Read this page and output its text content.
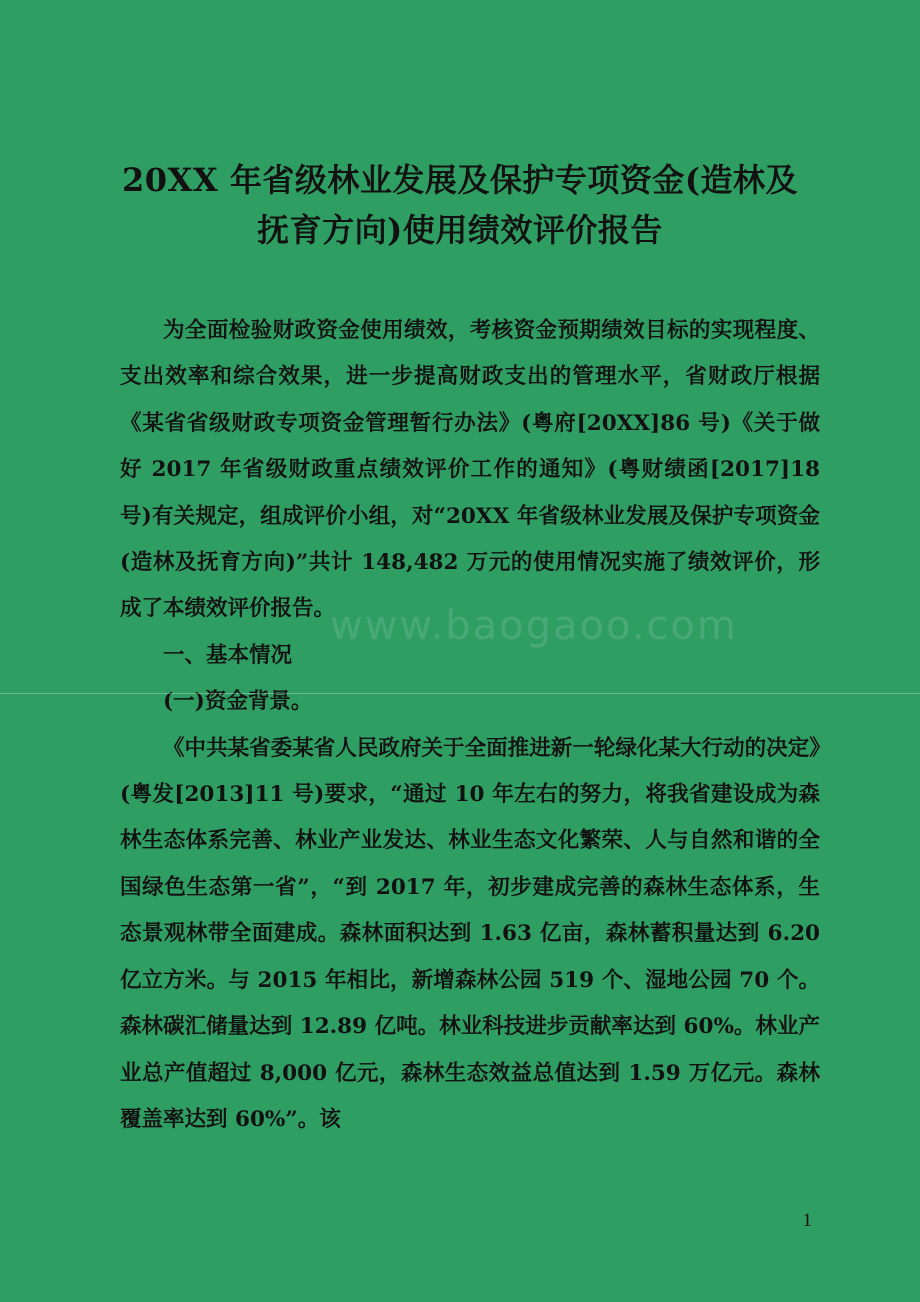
20XX 年省级林业发展及保护专项资金(造林及
抚育方向)使用绩效评价报告

为全面检验财政资金使用绩效，考核资金预期绩效目标的实现程度、支出效率和综合效果，进一步提高财政支出的管理水平，省财政厅根据《某省省级财政专项资金管理暂行办法》(粤府[20XX]86 号)《关于做好 2017 年省级财政重点绩效评价工作的通知》(粤财绩函[2017]18 号)有关规定，组成评价小组，对“20XX 年省级林业发展及保护专项资金(造林及抚育方向)”共计 148,482 万元的使用情况实施了绩效评价，形成了本绩效评价报告。

一、基本情况

(一)资金背景。

《中共某省委某省人民政府关于全面推进新一轮绿化某大行动的决定》(粤发[2013]11 号)要求，“通过 10 年左右的努力，将我省建设成为森林生态体系完善、林业产业发达、林业生态文化繁荣、人与自然和谐的全国绿色生态第一省”，“到 2017 年，初步建成完善的森林生态体系，生态景观林带全面建成。森林面积达到 1.63 亿亩，森林蓄积量达到 6.20 亿立方米。与 2015 年相比，新增森林公园 519 个、湿地公园 70 个。森林碳汇储量达到 12.89 亿吨。林业科技进步贡献率达到 60%。林业产业总产值超过 8,000 亿元，森林生态效益总值达到 1.59 万亿元。森林覆盖率达到 60%”。该

www.baogaoo.com
1
